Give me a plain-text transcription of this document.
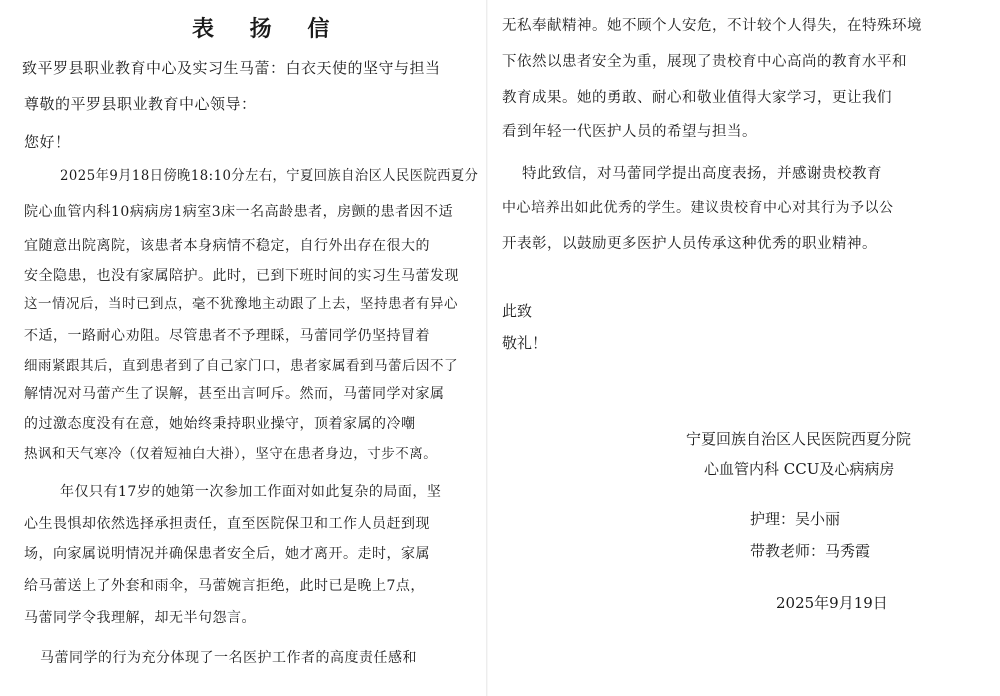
表 扬 信
致平罗县职业教育中心及实习生马蕾：白衣天使的坚守与担当
尊敬的平罗县职业教育中心领导：
您好！
2025年9月18日傍晚18:10分左右，宁夏回族自治区人民医院西夏分
院心血管内科10病病房1病室3床一名高龄患者，房颤的患者因不适
宜随意出院离院，该患者本身病情不稳定，自行外出存在很大的
安全隐患，也没有家属陪护。此时，已到下班时间的实习生马蕾发现
这一情况后，当时已到点，毫不犹豫地主动跟了上去，坚持患者有异心
不适，一路耐心劝阻。尽管患者不予理睬，马蕾同学仍坚持冒着
细雨紧跟其后，直到患者到了自己家门口，患者家属看到马蕾后因不了
解情况对马蕾产生了误解，甚至出言呵斥。然而，马蕾同学对家属
的过激态度没有在意，她始终秉持职业操守，顶着家属的冷嘲
热讽和天气寒冷（仅着短袖白大褂），坚守在患者身边，寸步不离。
年仅只有17岁的她第一次参加工作面对如此复杂的局面，坚
心生畏惧却依然选择承担责任，直至医院保卫和工作人员赶到现
场，向家属说明情况并确保患者安全后，她才离开。走时，家属
给马蕾送上了外套和雨伞，马蕾婉言拒绝，此时已是晚上7点，
马蕾同学令我理解，却无半句怨言。
马蕾同学的行为充分体现了一名医护工作者的高度责任感和
无私奉献精神。她不顾个人安危，不计较个人得失，在特殊环境
下依然以患者安全为重，展现了贵校育中心高尚的教育水平和
教育成果。她的勇敢、耐心和敬业值得大家学习，更让我们
看到年轻一代医护人员的希望与担当。
特此致信，对马蕾同学提出高度表扬，并感谢贵校教育
中心培养出如此优秀的学生。建议贵校育中心对其行为予以公
开表彰，以鼓励更多医护人员传承这种优秀的职业精神。
此致
敬礼！
宁夏回族自治区人民医院西夏分院
心血管内科 CCU及心病病房
护理：吴小丽
带教老师：马秀霞
2025年9月19日
